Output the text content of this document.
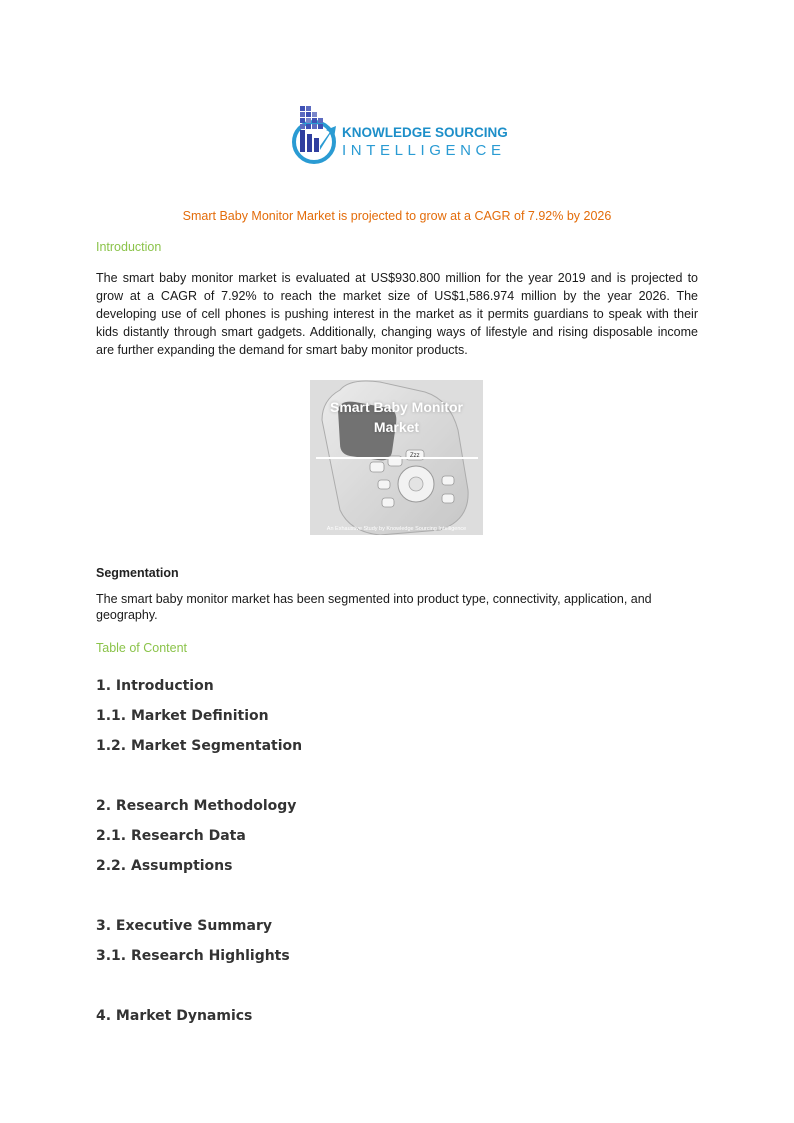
KNOWLEDGE SOURCING
INTELLIGENCE
Smart Baby Monitor Market is projected to grow at a CAGR of 7.92% by 2026
Introduction
The smart baby monitor market is evaluated at US$930.800 million for the year 2019 and is projected to grow at a CAGR of 7.92% to reach the market size of US$1,586.974 million by the year 2026. The developing use of cell phones is pushing interest in the market as it permits guardians to speak with their kids distantly through smart gadgets. Additionally, changing ways of lifestyle and rising disposable income are further expanding the demand for smart baby monitor products.
Smart Baby Monitor
Market
Zzz
An Exhaustive Study by Knowledge Sourcing Intelligence
Segmentation
The smart baby monitor market has been segmented into product type, connectivity, application, and geography.
Table of Content
1. Introduction
1.1. Market Definition
1.2. Market Segmentation
2. Research Methodology
2.1. Research Data
2.2. Assumptions
3. Executive Summary
3.1. Research Highlights
4. Market Dynamics
